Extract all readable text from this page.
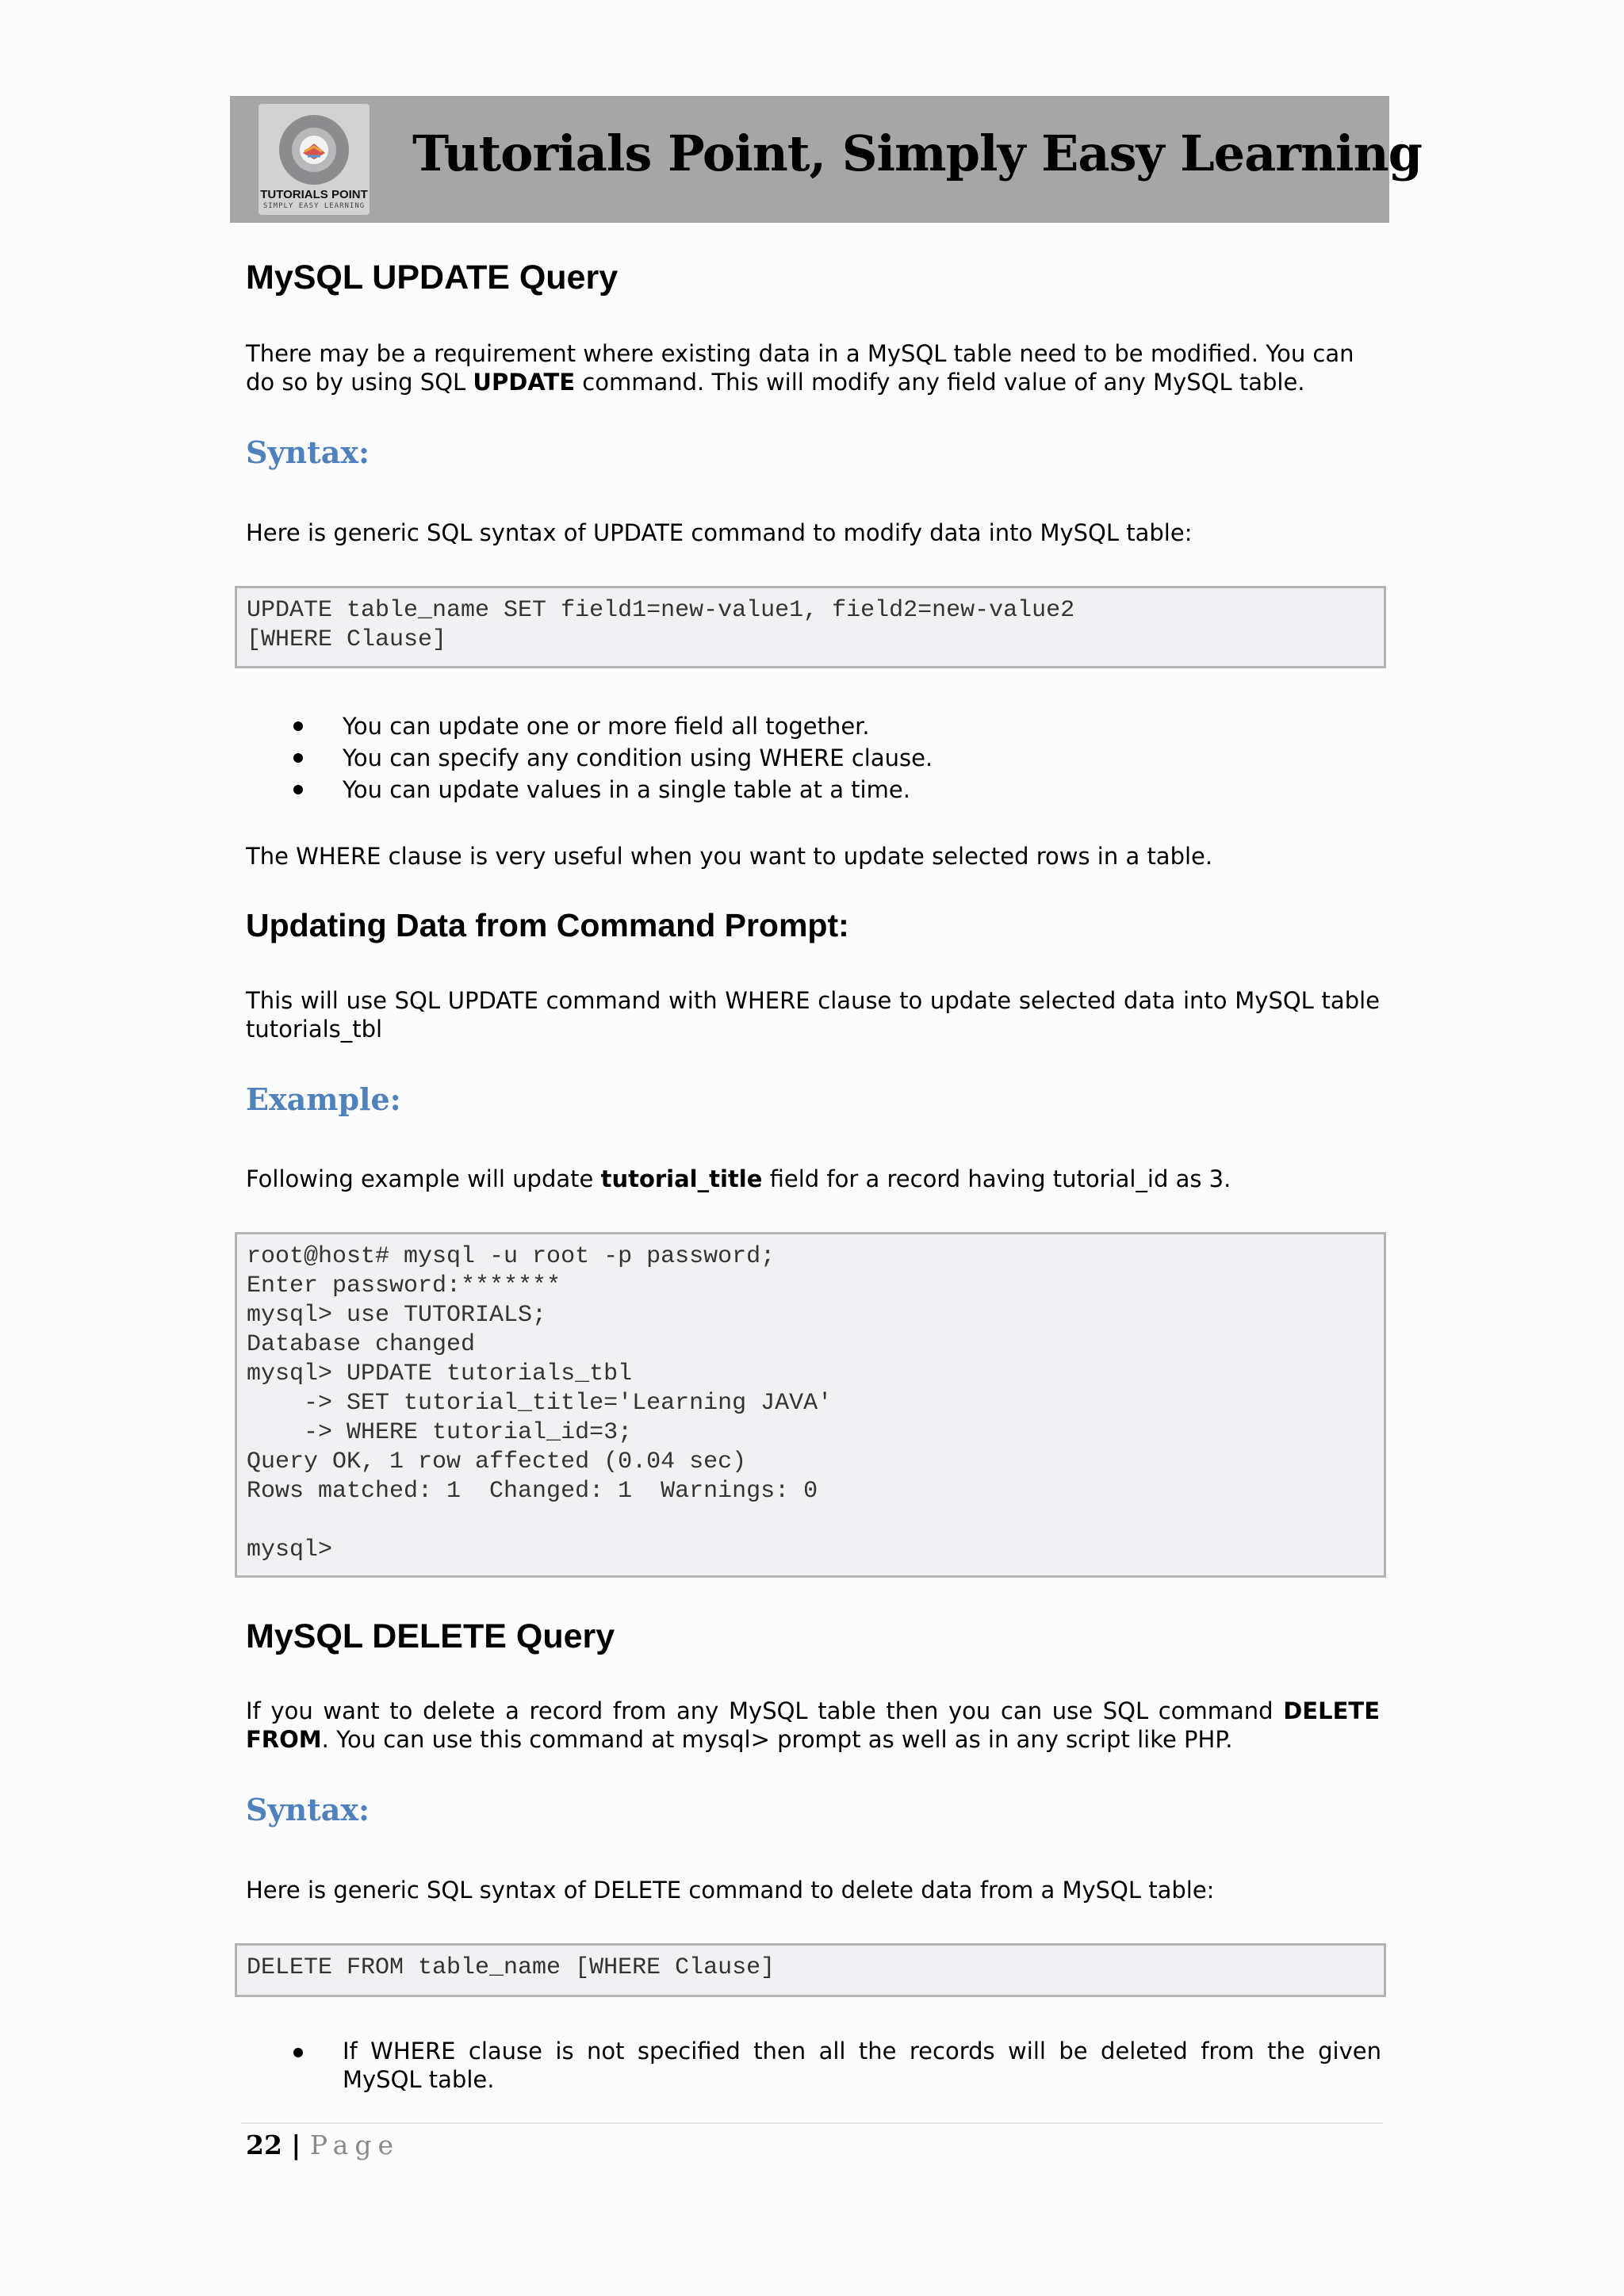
TUTORIALS POINT
SIMPLY EASY LEARNING
Tutorials Point, Simply Easy Learning
MySQL UPDATE Query

There may be a requirement where existing data in a MySQL table need to be modified. You can do so by using SQL UPDATE command. This will modify any field value of any MySQL table.

Syntax:

Here is generic SQL syntax of UPDATE command to modify data into MySQL table:

UPDATE table_name SET field1=new-value1, field2=new-value2
[WHERE Clause]
You can update one or more field all together.
You can specify any condition using WHERE clause.
You can update values in a single table at a time.

The WHERE clause is very useful when you want to update selected rows in a table.

Updating Data from Command Prompt:

This will use SQL UPDATE command with WHERE clause to update selected data into MySQL table tutorials_tbl

Example:

Following example will update tutorial_title field for a record having tutorial_id as 3.

root@host# mysql -u root -p password;
Enter password:*******
mysql> use TUTORIALS;
Database changed
mysql> UPDATE tutorials_tbl
-> SET tutorial_title='Learning JAVA'
-> WHERE tutorial_id=3;
Query OK, 1 row affected (0.04 sec)
Rows matched: 1  Changed: 1  Warnings: 0

mysql>
MySQL DELETE Query

If you want to delete a record from any MySQL table then you can use SQL command DELETE FROM. You can use this command at mysql> prompt as well as in any script like PHP.

Syntax:

Here is generic SQL syntax of DELETE command to delete data from a MySQL table:

DELETE FROM table_name [WHERE Clause]
If WHERE clause is not specified then all the records will be deleted from the given MySQL table.
22 | Page
